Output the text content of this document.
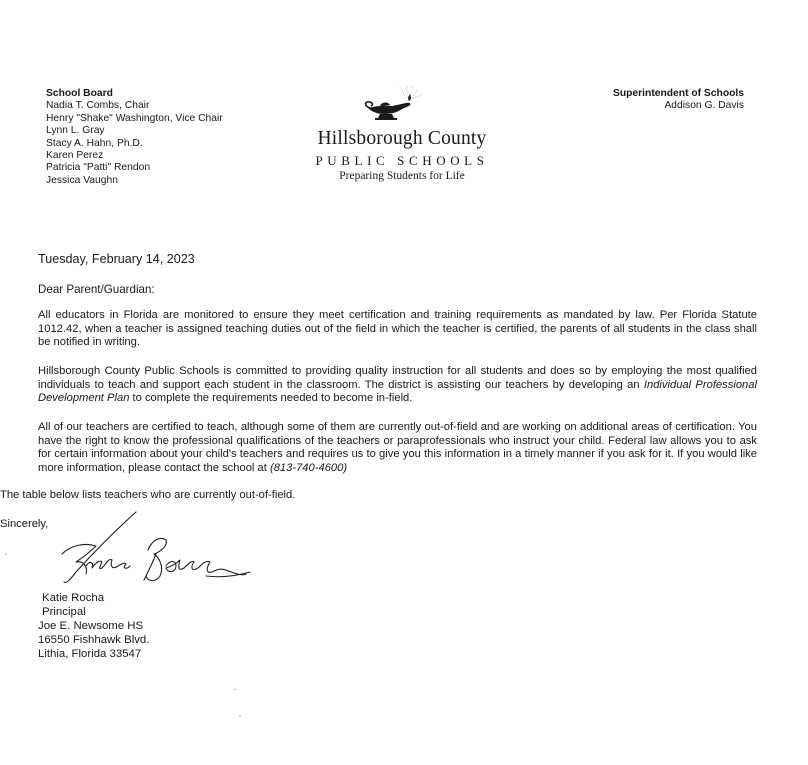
School Board
Nadia T. Combs, Chair
Henry "Shake" Washington, Vice Chair
Lynn L. Gray
Stacy A. Hahn, Ph.D.
Karen Perez
Patricia "Patti" Rendon
Jessica Vaughn
Superintendent of Schools
Addison G. Davis
Hillsborough County
PUBLIC SCHOOLS
Preparing Students for Life
Tuesday, February 14, 2023
Dear Parent/Guardian:
All educators in Florida are monitored to ensure they meet certification and training requirements as mandated by law. Per Florida Statute 1012.42, when a teacher is assigned teaching duties out of the field in which the teacher is certified, the parents of all students in the class shall be notified in writing.
Hillsborough County Public Schools is committed to providing quality instruction for all students and does so by employing the most qualified individuals to teach and support each student in the classroom. The district is assisting our teachers by developing an Individual Professional Development Plan to complete the requirements needed to become in-field.
All of our teachers are certified to teach, although some of them are currently out-of-field and are working on additional areas of certification. You have the right to know the professional qualifications of the teachers or paraprofessionals who instruct your child. Federal law allows you to ask for certain information about your child's teachers and requires us to give you this information in a timely manner if you ask for it. If you would like more information, please contact the school at (813-740-4600)
The table below lists teachers who are currently out-of-field.
Sincerely,
Katie Rocha
Principal
Joe E. Newsome HS
16550 Fishhawk Blvd.
Lithia, Florida 33547
